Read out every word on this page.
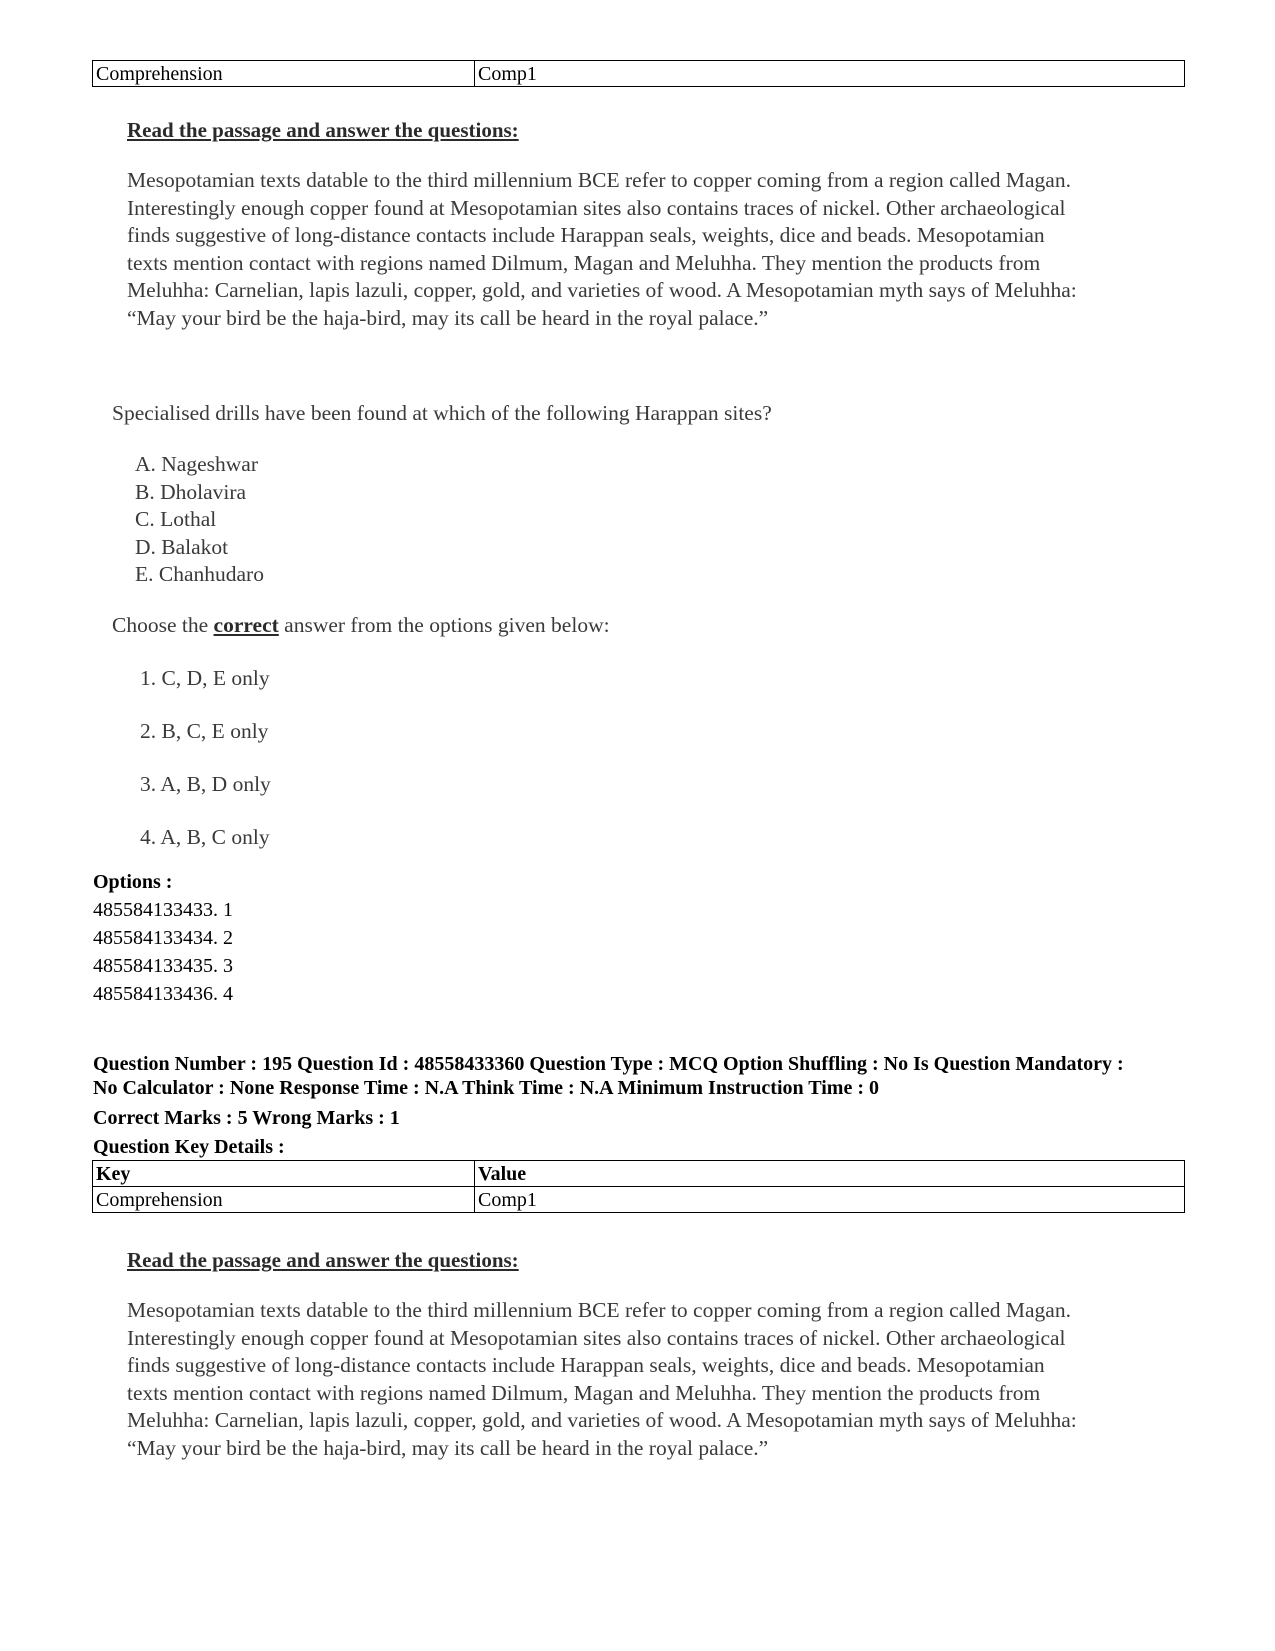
Comprehension	Comp1
Read the passage and answer the questions:
Mesopotamian texts datable to the third millennium BCE refer to copper coming from a region called Magan.
Interestingly enough copper found at Mesopotamian sites also contains traces of nickel. Other archaeological
finds suggestive of long-distance contacts include Harappan seals, weights, dice and beads. Mesopotamian
texts mention contact with regions named Dilmum, Magan and Meluhha. They mention the products from
Meluhha: Carnelian, lapis lazuli, copper, gold, and varieties of wood. A Mesopotamian myth says of Meluhha:
“May your bird be the haja-bird, may its call be heard in the royal palace.”
Specialised drills have been found at which of the following Harappan sites?
A. Nageshwar
B. Dholavira
C. Lothal
D. Balakot
E. Chanhudaro
Choose the correct answer from the options given below:
1. C, D, E only
2. B, C, E only
3. A, B, D only
4. A, B, C only
Options :
485584133433. 1
485584133434. 2
485584133435. 3
485584133436. 4
Question Number : 195 Question Id : 48558433360 Question Type : MCQ Option Shuffling : No Is Question Mandatory :
No Calculator : None Response Time : N.A Think Time : N.A Minimum Instruction Time : 0
Correct Marks : 5 Wrong Marks : 1
Question Key Details :
Key	Value
Comprehension	Comp1
Read the passage and answer the questions:
Mesopotamian texts datable to the third millennium BCE refer to copper coming from a region called Magan.
Interestingly enough copper found at Mesopotamian sites also contains traces of nickel. Other archaeological
finds suggestive of long-distance contacts include Harappan seals, weights, dice and beads. Mesopotamian
texts mention contact with regions named Dilmum, Magan and Meluhha. They mention the products from
Meluhha: Carnelian, lapis lazuli, copper, gold, and varieties of wood. A Mesopotamian myth says of Meluhha:
“May your bird be the haja-bird, may its call be heard in the royal palace.”
